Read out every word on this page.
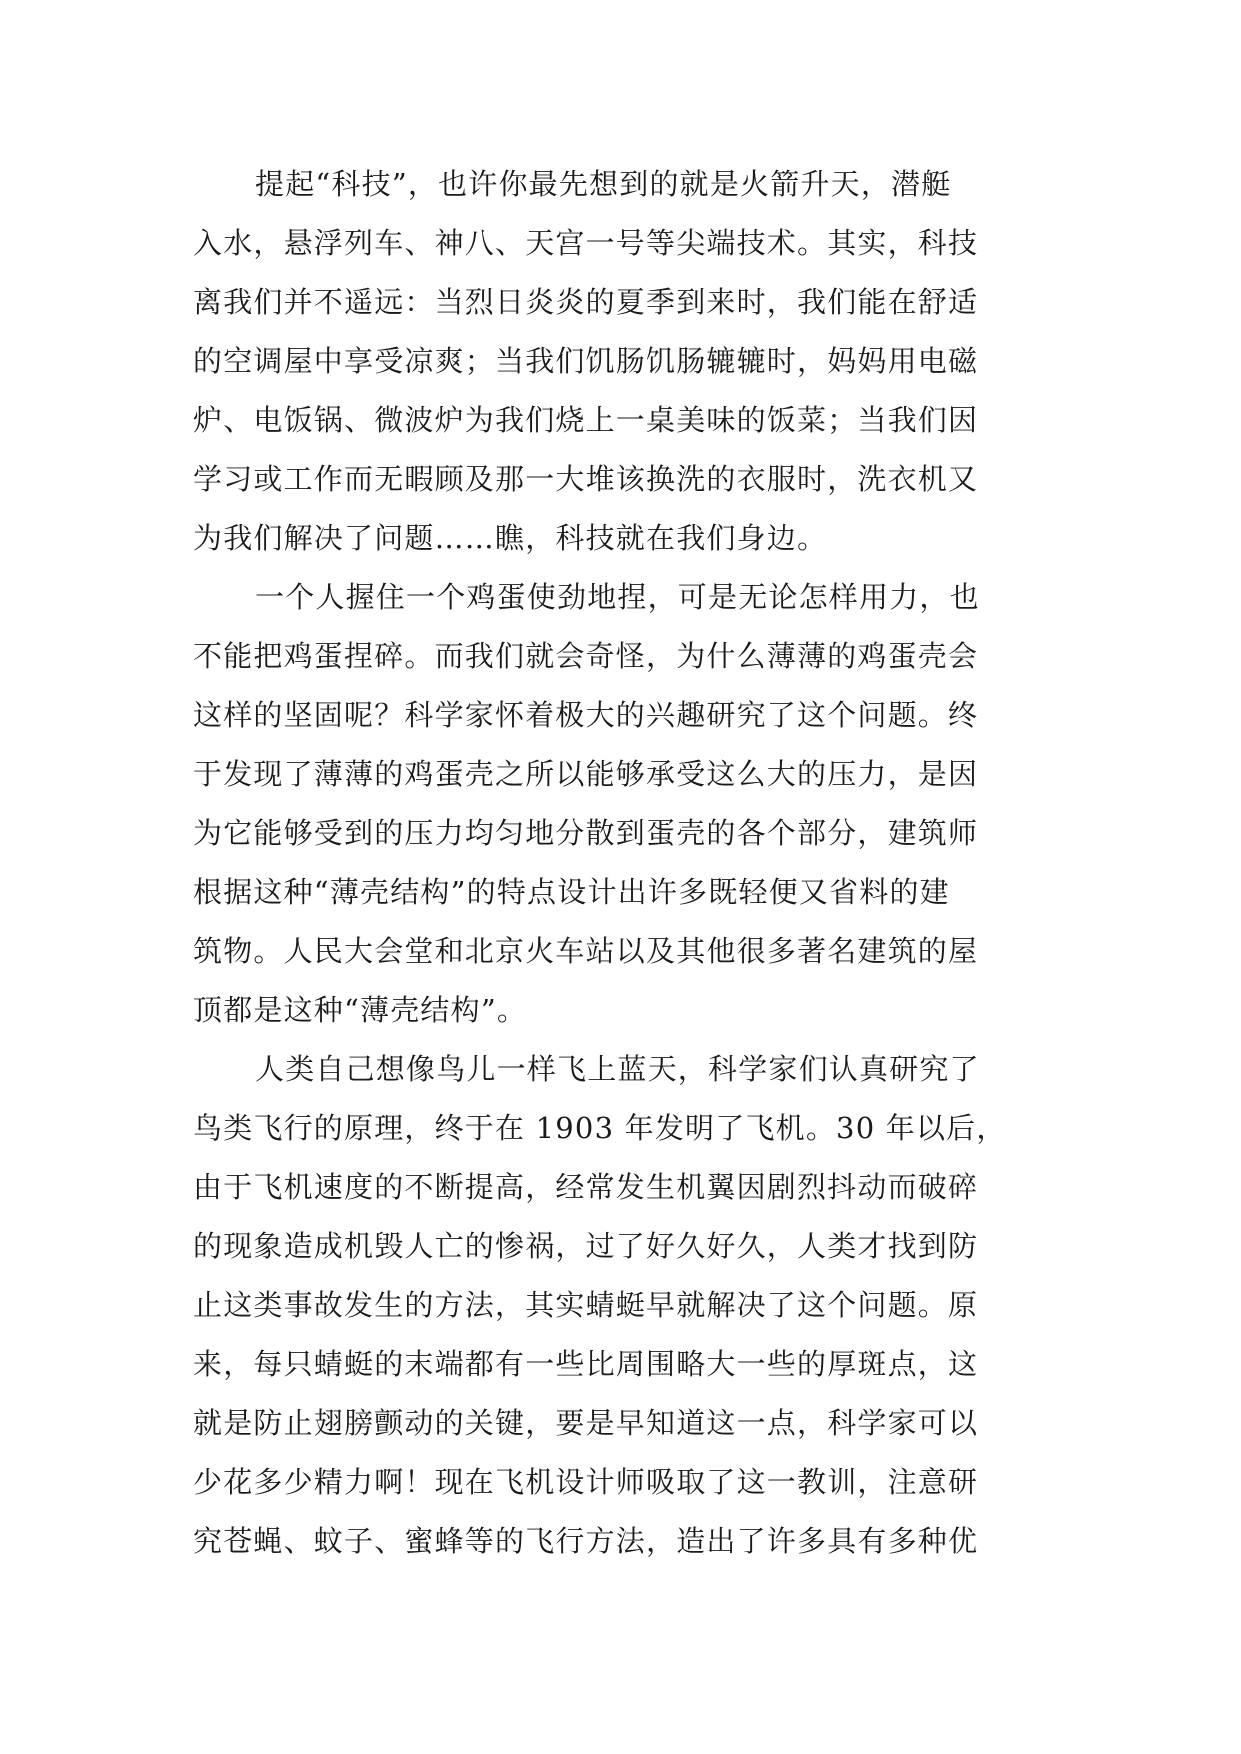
提起“科技”，也许你最先想到的就是火箭升天，潜艇
入水，悬浮列车、神八、天宫一号等尖端技术。其实，科技
离我们并不遥远：当烈日炎炎的夏季到来时，我们能在舒适
的空调屋中享受凉爽；当我们饥肠饥肠辘辘时，妈妈用电磁
炉、电饭锅、微波炉为我们烧上一桌美味的饭菜；当我们因
学习或工作而无暇顾及那一大堆该换洗的衣服时，洗衣机又
为我们解决了问题……瞧，科技就在我们身边。
一个人握住一个鸡蛋使劲地捏，可是无论怎样用力，也
不能把鸡蛋捏碎。而我们就会奇怪，为什么薄薄的鸡蛋壳会
这样的坚固呢？科学家怀着极大的兴趣研究了这个问题。终
于发现了薄薄的鸡蛋壳之所以能够承受这么大的压力，是因
为它能够受到的压力均匀地分散到蛋壳的各个部分，建筑师
根据这种“薄壳结构”的特点设计出许多既轻便又省料的建
筑物。人民大会堂和北京火车站以及其他很多著名建筑的屋
顶都是这种“薄壳结构”。
人类自己想像鸟儿一样飞上蓝天，科学家们认真研究了
鸟类飞行的原理，终于在 1903 年发明了飞机。30 年以后，
由于飞机速度的不断提高，经常发生机翼因剧烈抖动而破碎
的现象造成机毁人亡的惨祸，过了好久好久，人类才找到防
止这类事故发生的方法，其实蜻蜓早就解决了这个问题。原
来，每只蜻蜓的末端都有一些比周围略大一些的厚斑点，这
就是防止翅膀颤动的关键，要是早知道这一点，科学家可以
少花多少精力啊！现在飞机设计师吸取了这一教训，注意研
究苍蝇、蚊子、蜜蜂等的飞行方法，造出了许多具有多种优
